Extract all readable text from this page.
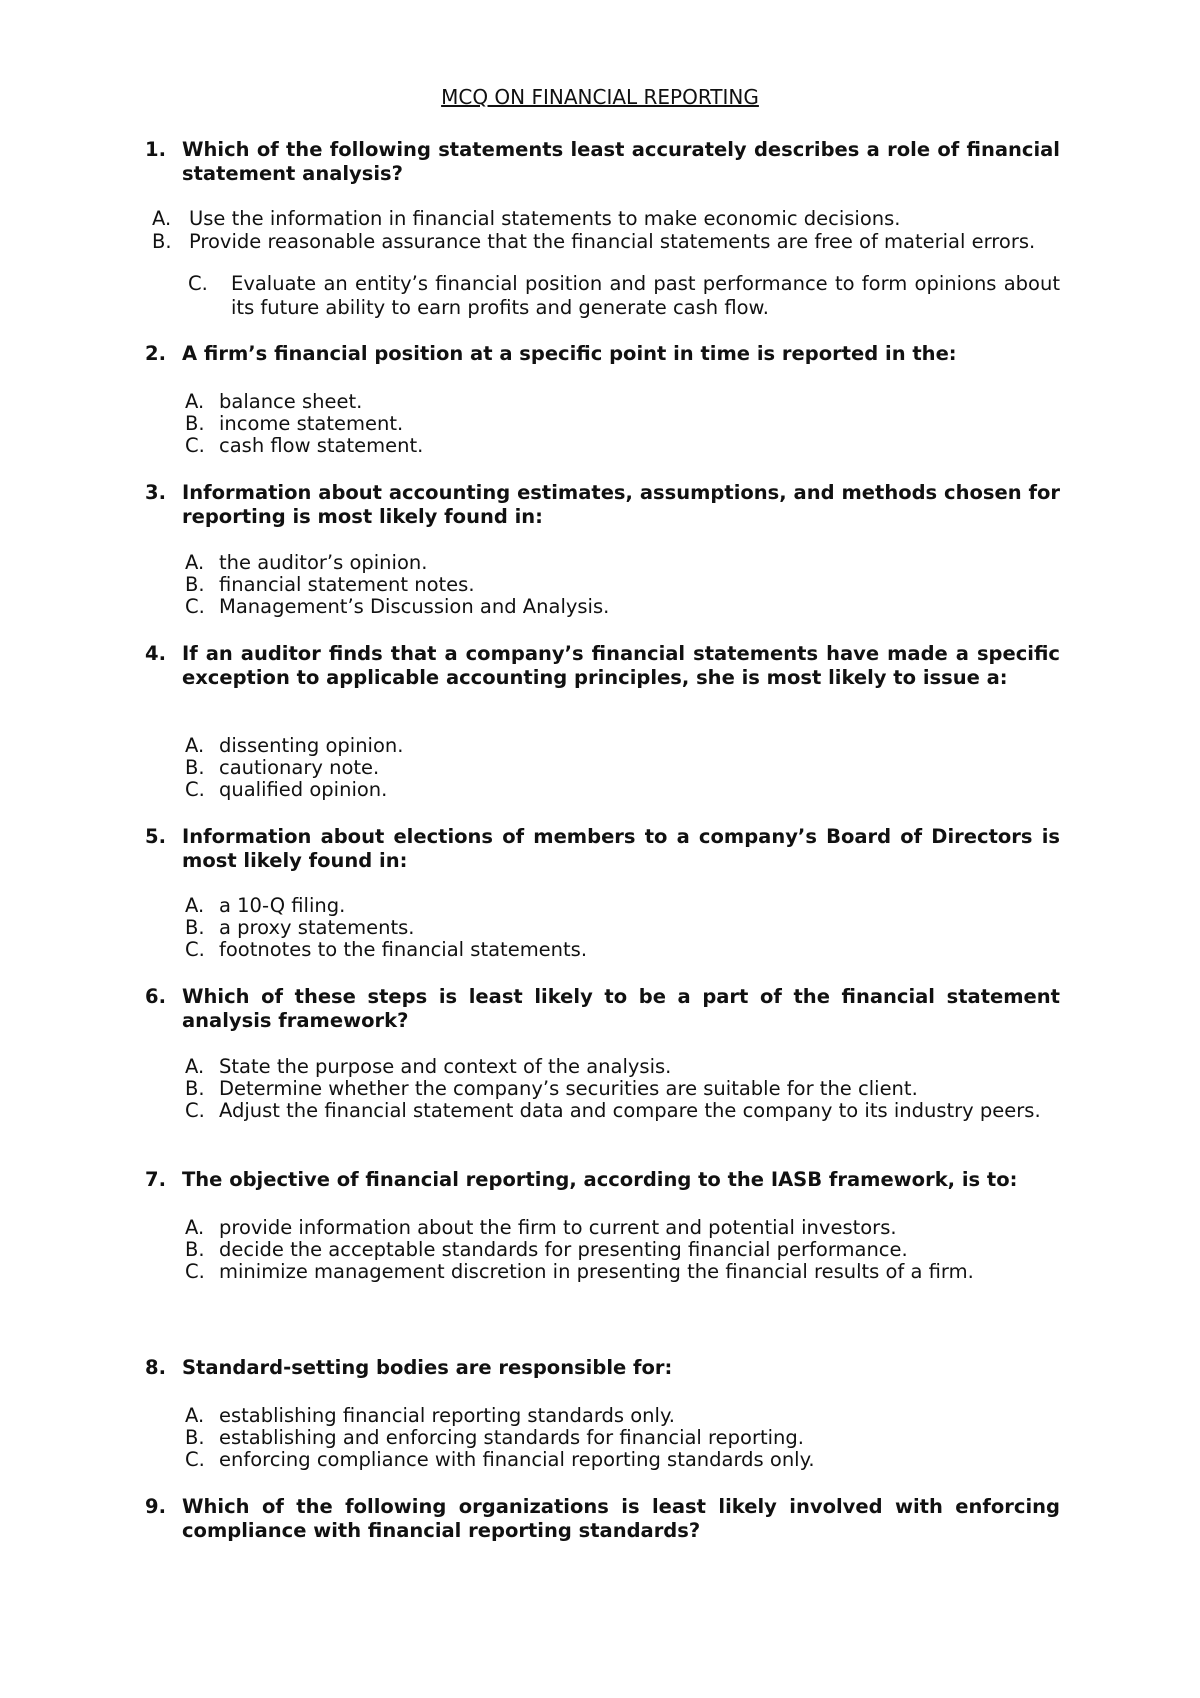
MCQ ON FINANCIAL REPORTING
1. Which of the following statements least accurately describes a role of financial statement analysis?
A. Use the information in financial statements to make economic decisions.
B. Provide reasonable assurance that the financial statements are free of material errors.
C. Evaluate an entity’s financial position and past performance to form opinions about its future ability to earn profits and generate cash flow.
2. A firm’s financial position at a specific point in time is reported in the:
A. balance sheet.
B. income statement.
C. cash flow statement.
3. Information about accounting estimates, assumptions, and methods chosen for reporting is most likely found in:
A. the auditor’s opinion.
B. financial statement notes.
C. Management’s Discussion and Analysis.
4. If an auditor finds that a company’s financial statements have made a specific exception to applicable accounting principles, she is most likely to issue a:
A. dissenting opinion.
B. cautionary note.
C. qualified opinion.
5. Information about elections of members to a company’s Board of Directors is most likely found in:
A. a 10-Q filing.
B. a proxy statements.
C. footnotes to the financial statements.
6. Which of these steps is least likely to be a part of the financial statement analysis framework?
A. State the purpose and context of the analysis.
B. Determine whether the company’s securities are suitable for the client.
C. Adjust the financial statement data and compare the company to its industry peers.
7. The objective of financial reporting, according to the IASB framework, is to:
A. provide information about the firm to current and potential investors.
B. decide the acceptable standards for presenting financial performance.
C. minimize management discretion in presenting the financial results of a firm.
8. Standard-setting bodies are responsible for:
A. establishing financial reporting standards only.
B. establishing and enforcing standards for financial reporting.
C. enforcing compliance with financial reporting standards only.
9. Which of the following organizations is least likely involved with enforcing compliance with financial reporting standards?
